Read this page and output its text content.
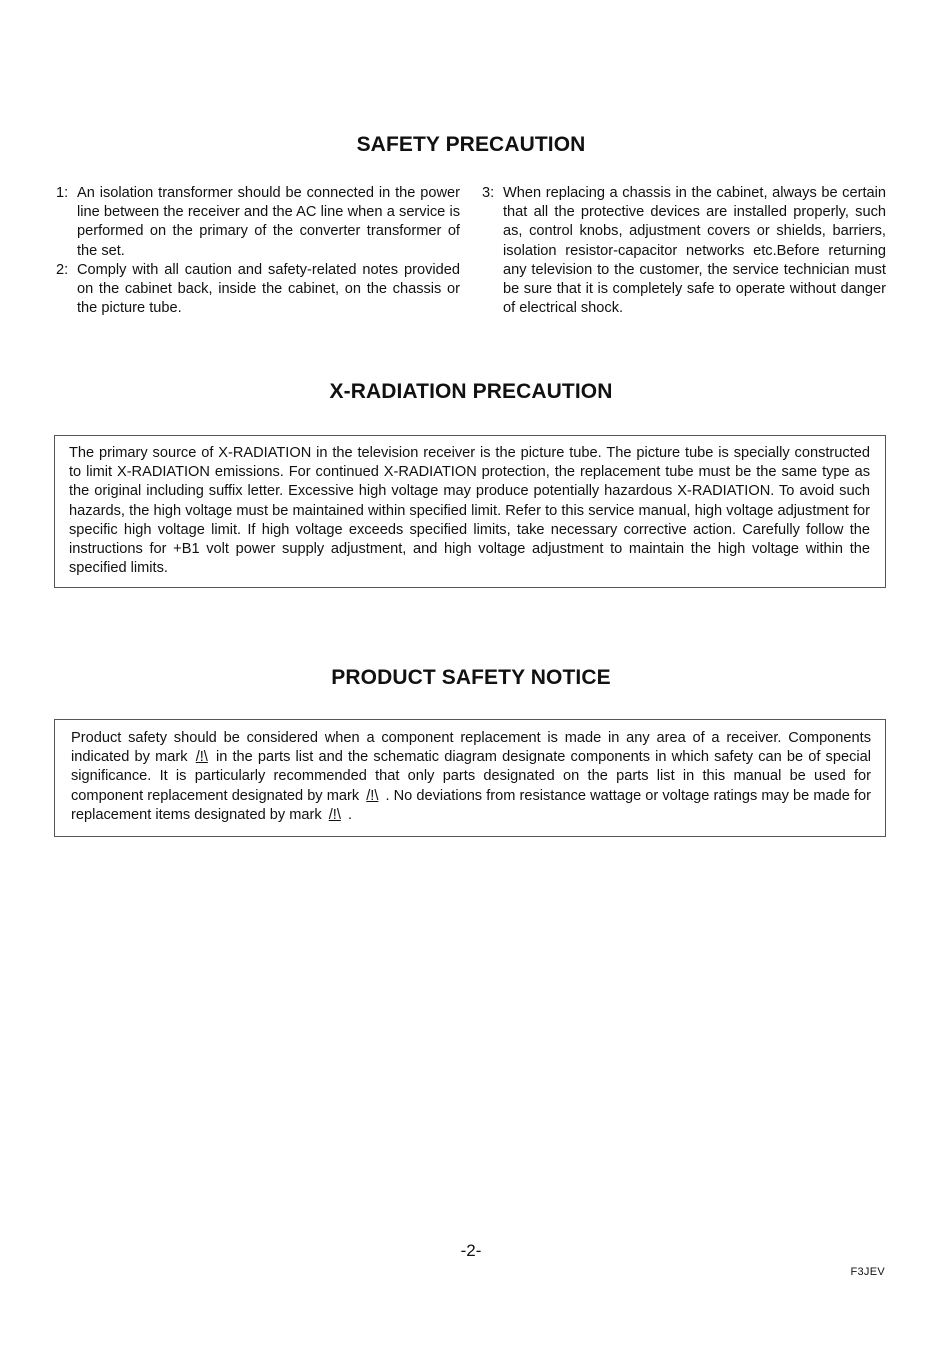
SAFETY PRECAUTION
1: An isolation transformer should be connected in the power line between the receiver and the AC line when a service is performed on the primary of the converter transformer of the set.
2: Comply with all caution and safety-related notes provided on the cabinet back, inside the cabinet, on the chassis or the picture tube.
3: When replacing a chassis in the cabinet, always be certain that all the protective devices are installed properly, such as, control knobs, adjustment covers or shields, barriers, isolation resistor-capacitor networks etc.Before returning any television to the customer, the service technician must be sure that it is completely safe to operate without danger of electrical shock.
X-RADIATION PRECAUTION

The primary source of X-RADIATION in the television receiver is the picture tube. The picture tube is specially constructed to limit X-RADIATION emissions. For continued X-RADIATION protection, the replacement tube must be the same type as the original including suffix letter. Excessive high voltage may produce potentially hazardous X-RADIATION. To avoid such hazards, the high voltage must be maintained within specified limit. Refer to this service manual, high voltage adjustment for specific high voltage limit. If high voltage exceeds specified limits, take necessary corrective action. Carefully follow the instructions for +B1 volt power supply adjustment, and high voltage adjustment to maintain the high voltage within the specified limits.

PRODUCT SAFETY NOTICE

Product safety should be considered when a component replacement is made in any area of a receiver. Components indicated by mark /!\ in the parts list and the schematic diagram designate components in which safety can be of special significance. It is particularly recommended that only parts designated on the parts list in this manual be used for component replacement designated by mark /!\ . No deviations from resistance wattage or voltage ratings may be made for replacement items designated by mark /!\ .

-2-
F3JEV
